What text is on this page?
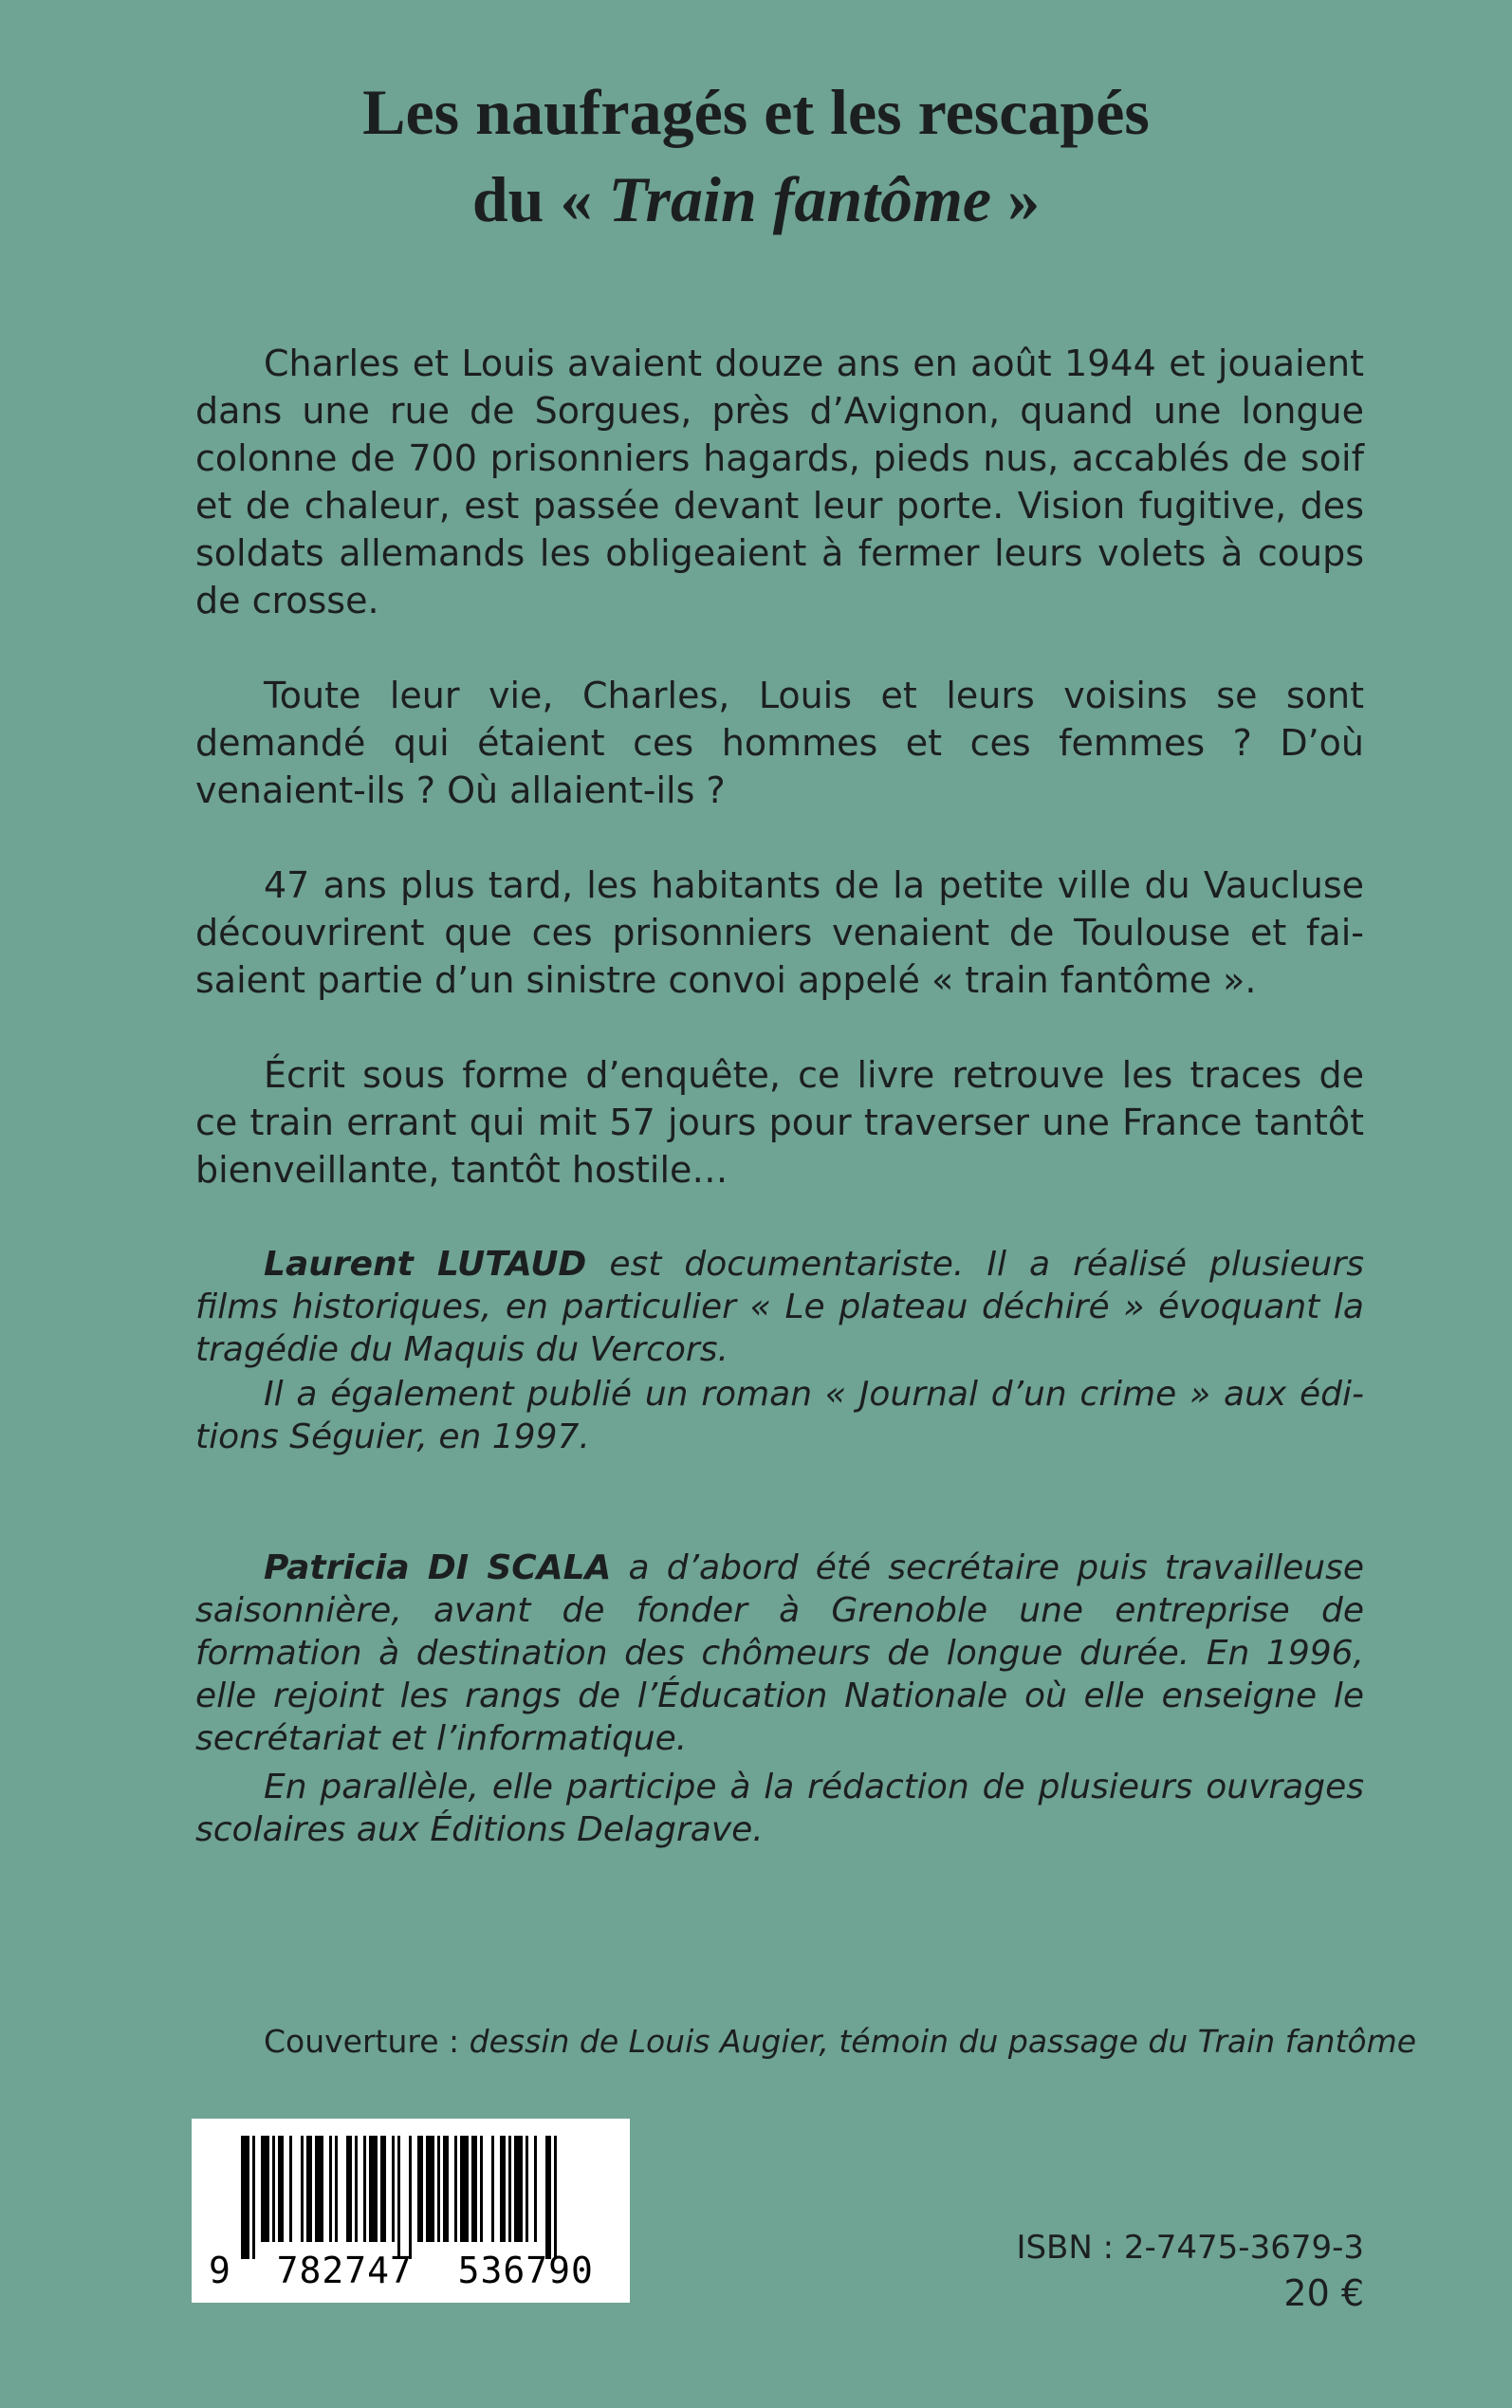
Les naufragés et les rescapés
du « Train fantôme »

Charles et Louis avaient douze ans en août 1944 et jouaient dans une rue de Sorgues, près d’Avignon, quand une longue colonne de 700 prisonniers hagards, pieds nus, accablés de soif et de chaleur, est passée devant leur porte. Vision fugitive, des soldats allemands les obligeaient à fermer leurs volets à coups de crosse.

Toute leur vie, Charles, Louis et leurs voisins se sont demandé qui étaient ces hommes et ces femmes ? D’où venaient-ils ? Où allaient-ils ?

47 ans plus tard, les habitants de la petite ville du Vaucluse découvrirent que ces prisonniers venaient de Toulouse et faisaient partie d’un sinistre convoi appelé « train fantôme ».

Écrit sous forme d’enquête, ce livre retrouve les traces de ce train errant qui mit 57 jours pour traverser une France tantôt bienveillante, tantôt hostile…

Laurent LUTAUD est documentariste. Il a réalisé plusieurs films historiques, en particulier « Le plateau déchiré » évoquant la tragédie du Maquis du Vercors.

Il a également publié un roman « Journal d’un crime » aux éditions Séguier, en 1997.

Patricia DI SCALA a d’abord été secrétaire puis travailleuse saisonnière, avant de fonder à Grenoble une entreprise de formation à destination des chômeurs de longue durée. En 1996, elle rejoint les rangs de l’Éducation Nationale où elle enseigne le secrétariat et l’informatique.

En parallèle, elle participe à la rédaction de plusieurs ouvrages scolaires aux Éditions Delagrave.

Couverture : dessin de Louis Augier, témoin du passage du Train fantôme
9  782747  536790
ISBN : 2-7475-3679-3
20 €
